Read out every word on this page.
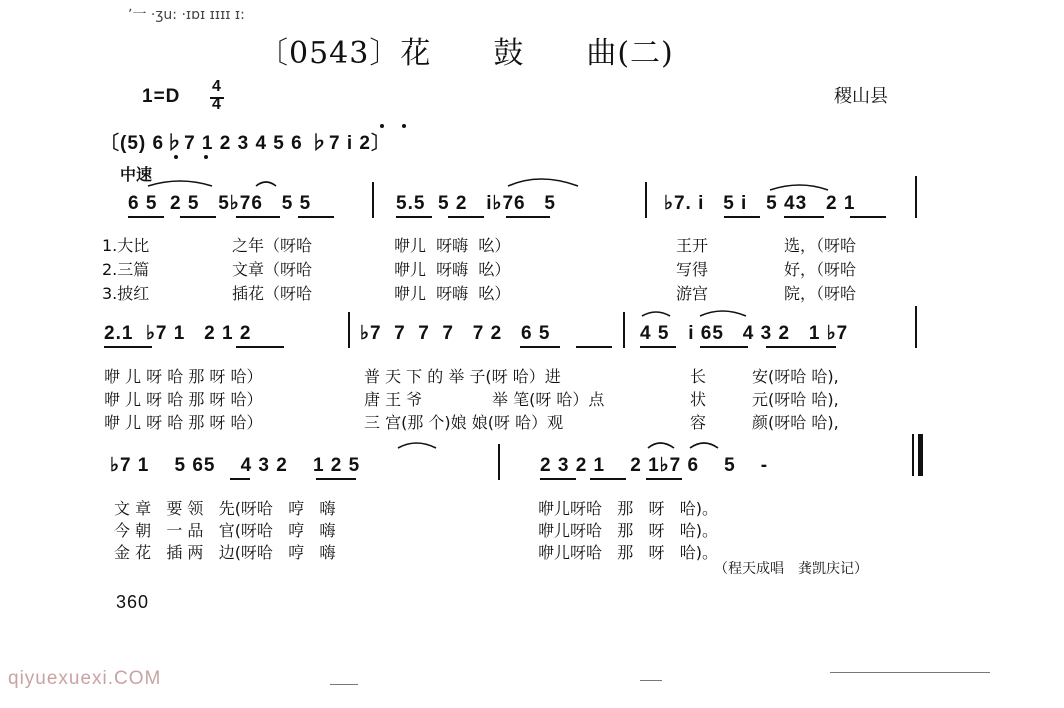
ʼ一 ·ʒu: ·ɪɒɪ ɪɪɪɪ ɪ:
〔0543〕花　　鼓　　曲(二)
1=D 4
4	稷山县
〔(5) 6♭7 1 2 3 4 5 6 ♭7 i 2〕
中速
6 5  2 5   5♭76   5 5	5.5  5 2   i♭76   5	♭7. i   5 i   5 43   2 1
1.大比	之年（呀哈	咿儿  呀嗨  吆）	王开	选，（呀哈
2.三篇	文章（呀哈	咿儿  呀嗨  吆）	写得	好，（呀哈
3.披红	插花（呀哈	咿儿  呀嗨  吆）	游宫	院，（呀哈
2.1  ♭7 1   2 1 2	♭7  7  7  7   7 2   6 5	4 5   i 65   4 3 2   1 ♭7
咿 儿 呀 哈 那 呀 哈）	普 天 下 的 举 子(呀 哈）进	长	安(呀哈 哈),
咿 儿 呀 哈 那 呀 哈）	唐 王 爷	举 笔(呀 哈）点	状	元(呀哈 哈),
咿 儿 呀 哈 那 呀 哈）	三 宫(那 个)娘 娘(呀 哈）观	容	颜(呀哈 哈),
♭7 1    5 65    4 3 2    1 2 5	2 3 2 1    2 1♭7 6    5    -
文 章   要 领   先(呀哈   哼   嗨	咿儿呀哈   那   呀   哈)。
今 朝   一 品   官(呀哈   哼   嗨	咿儿呀哈   那   呀   哈)。
金 花   插 两   边(呀哈   哼   嗨	咿儿呀哈   那   呀   哈)。
（程天成唱　龚凯庆记）
360
qiyuexuexi.COM
